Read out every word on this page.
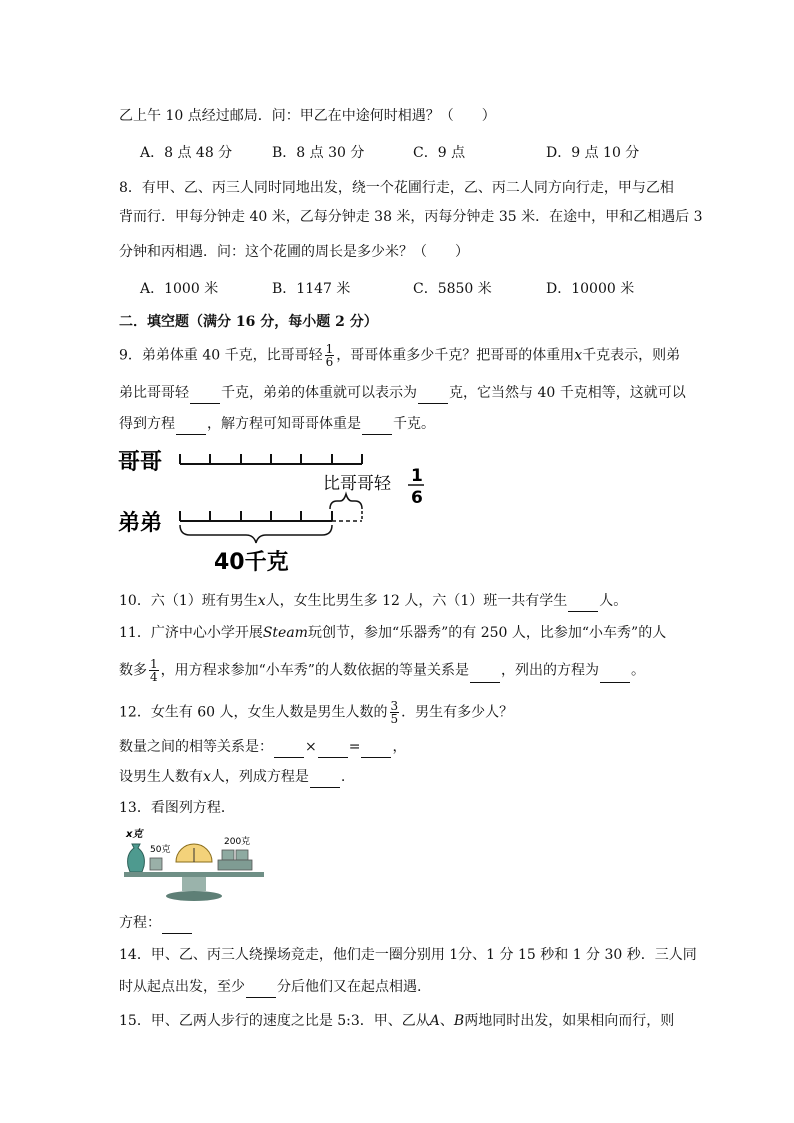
乙上午 10 点经过邮局．问：甲乙在中途何时相遇？（　　）
A．8 点 48 分	B．8 点 30 分	C．9 点	D．9 点 10 分
8．有甲、乙、丙三人同时同地出发，绕一个花圃行走，乙、丙二人同方向行走，甲与乙相
背而行．甲每分钟走 40 米，乙每分钟走 38 米，丙每分钟走 35 米．在途中，甲和乙相遇后 3
分钟和丙相遇．问：这个花圃的周长是多少米？（　　）
A．1000 米	B．1147 米	C．5850 米	D．10000 米
二．填空题（满分 16 分，每小题 2 分）
9．弟弟体重 40 千克，比哥哥轻 $\frac{1}{6}$ ，哥哥体重多少千克？把哥哥的体重用x千克表示，则弟
弟比哥哥轻 千克，弟弟的体重就可以表示为 克，它当然与 40 千克相等，这就可以
得到方程 ，解方程可知哥哥体重是 千克。
哥哥
比哥哥轻 1
6
弟弟
40千克
10．六（1）班有男生x人，女生比男生多 12 人，六（1）班一共有学生 人。
11．广济中心小学开展Steam玩创节，参加“乐器秀”的有 250 人，比参加“小车秀”的人
数多 $\frac{1}{4}$ ，用方程求参加“小车秀”的人数依据的等量关系是 ，列出的方程为 。
12．女生有 60 人，女生人数是男生人数的 $\frac{3}{5}$ ．男生有多少人？
数量之间的相等关系是： × = ，
设男生人数有x人，列成方程是 .
13．看图列方程．
x克
50克
200克
方程：
14．甲、乙、丙三人绕操场竞走，他们走一圈分别用 1分、1 分 15 秒和 1 分 30 秒．三人同
时从起点出发，至少 分后他们又在起点相遇.
15．甲、乙两人步行的速度之比是 5:3．甲、乙从A、B两地同时出发，如果相向而行，则
